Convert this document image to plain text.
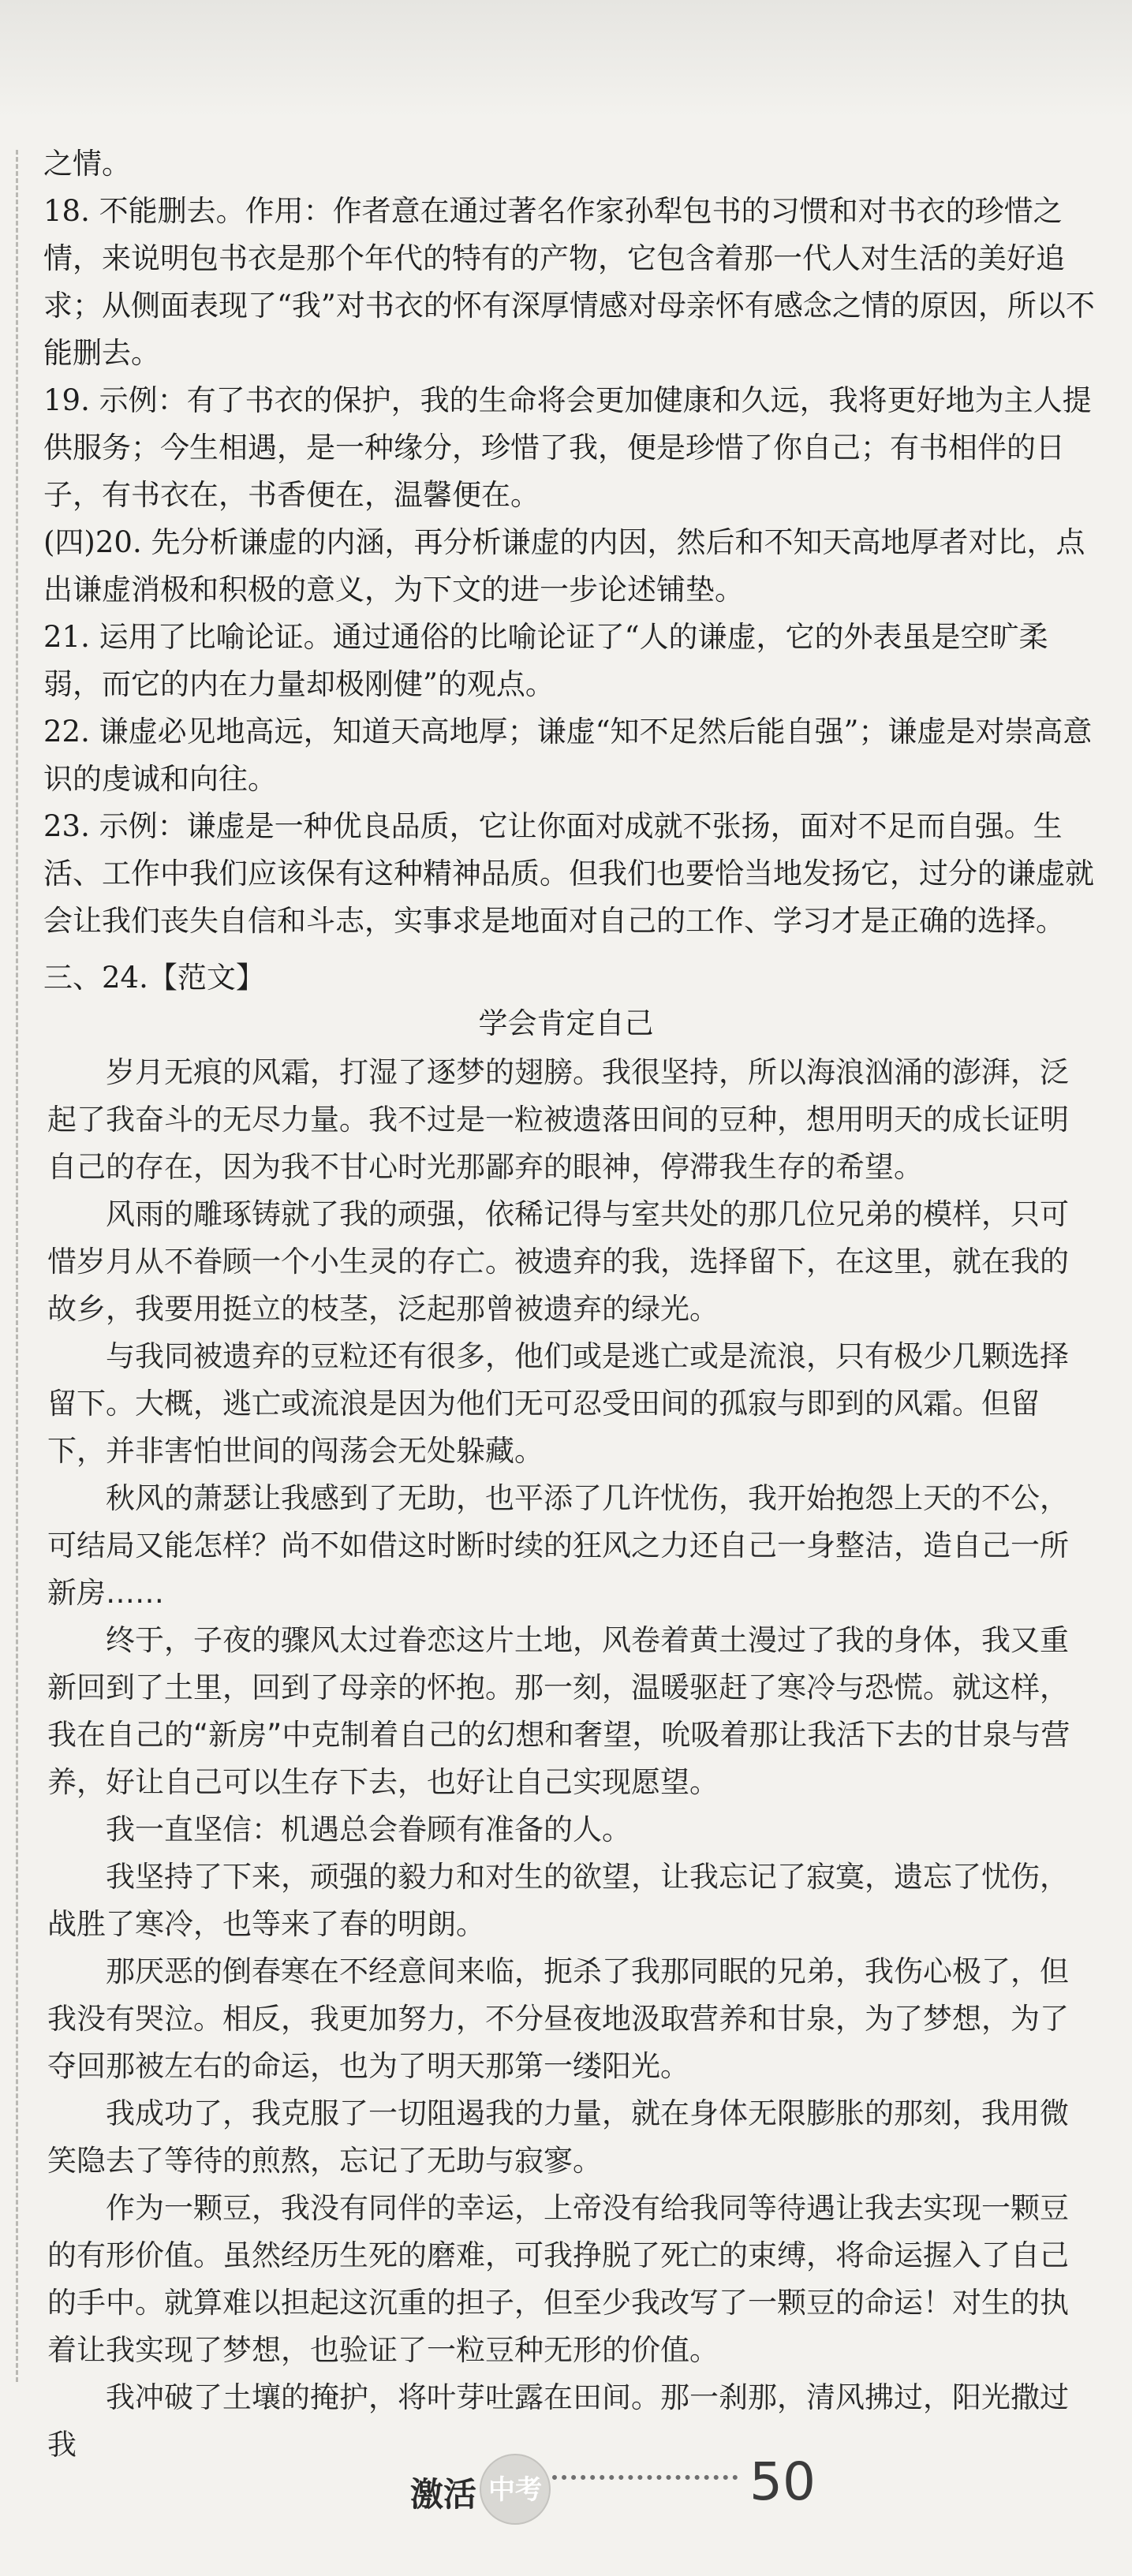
之情。

18. 不能删去。作用：作者意在通过著名作家孙犁包书的习惯和对书衣的珍惜之情，来说明包书衣是那个年代的特有的产物，它包含着那一代人对生活的美好追求；从侧面表现了“我”对书衣的怀有深厚情感对母亲怀有感念之情的原因，所以不能删去。

19. 示例：有了书衣的保护，我的生命将会更加健康和久远，我将更好地为主人提供服务；今生相遇，是一种缘分，珍惜了我，便是珍惜了你自己；有书相伴的日子，有书衣在，书香便在，温馨便在。

(四)20. 先分析谦虚的内涵，再分析谦虚的内因，然后和不知天高地厚者对比，点出谦虚消极和积极的意义，为下文的进一步论述铺垫。

21. 运用了比喻论证。通过通俗的比喻论证了“人的谦虚，它的外表虽是空旷柔弱，而它的内在力量却极刚健”的观点。

22. 谦虚必见地高远，知道天高地厚；谦虚“知不足然后能自强”；谦虚是对崇高意识的虔诚和向往。

23. 示例：谦虚是一种优良品质，它让你面对成就不张扬，面对不足而自强。生活、工作中我们应该保有这种精神品质。但我们也要恰当地发扬它，过分的谦虚就会让我们丧失自信和斗志，实事求是地面对自己的工作、学习才是正确的选择。

三、24.【范文】
学会肯定自己

岁月无痕的风霜，打湿了逐梦的翅膀。我很坚持，所以海浪汹涌的澎湃，泛起了我奋斗的无尽力量。我不过是一粒被遗落田间的豆种，想用明天的成长证明自己的存在，因为我不甘心时光那鄙弃的眼神，停滞我生存的希望。

风雨的雕琢铸就了我的顽强，依稀记得与室共处的那几位兄弟的模样，只可惜岁月从不眷顾一个小生灵的存亡。被遗弃的我，选择留下，在这里，就在我的故乡，我要用挺立的枝茎，泛起那曾被遗弃的绿光。

与我同被遗弃的豆粒还有很多，他们或是逃亡或是流浪，只有极少几颗选择留下。大概，逃亡或流浪是因为他们无可忍受田间的孤寂与即到的风霜。但留下，并非害怕世间的闯荡会无处躲藏。

秋风的萧瑟让我感到了无助，也平添了几许忧伤，我开始抱怨上天的不公，可结局又能怎样？尚不如借这时断时续的狂风之力还自己一身整洁，造自己一所新房……

终于，子夜的骤风太过眷恋这片土地，风卷着黄土漫过了我的身体，我又重新回到了土里，回到了母亲的怀抱。那一刻，温暖驱赶了寒冷与恐慌。就这样，我在自己的“新房”中克制着自己的幻想和奢望，吮吸着那让我活下去的甘泉与营养，好让自己可以生存下去，也好让自己实现愿望。

我一直坚信：机遇总会眷顾有准备的人。

我坚持了下来，顽强的毅力和对生的欲望，让我忘记了寂寞，遗忘了忧伤，战胜了寒冷，也等来了春的明朗。

那厌恶的倒春寒在不经意间来临，扼杀了我那同眠的兄弟，我伤心极了，但我没有哭泣。相反，我更加努力，不分昼夜地汲取营养和甘泉，为了梦想，为了夺回那被左右的命运，也为了明天那第一缕阳光。

我成功了，我克服了一切阻遏我的力量，就在身体无限膨胀的那刻，我用微笑隐去了等待的煎熬，忘记了无助与寂寥。

作为一颗豆，我没有同伴的幸运，上帝没有给我同等待遇让我去实现一颗豆的有形价值。虽然经历生死的磨难，可我挣脱了死亡的束缚，将命运握入了自己的手中。就算难以担起这沉重的担子，但至少我改写了一颗豆的命运！对生的执着让我实现了梦想，也验证了一粒豆种无形的价值。

我冲破了土壤的掩护，将叶芽吐露在田间。那一刹那，清风拂过，阳光撒过我

激活 中考	50
